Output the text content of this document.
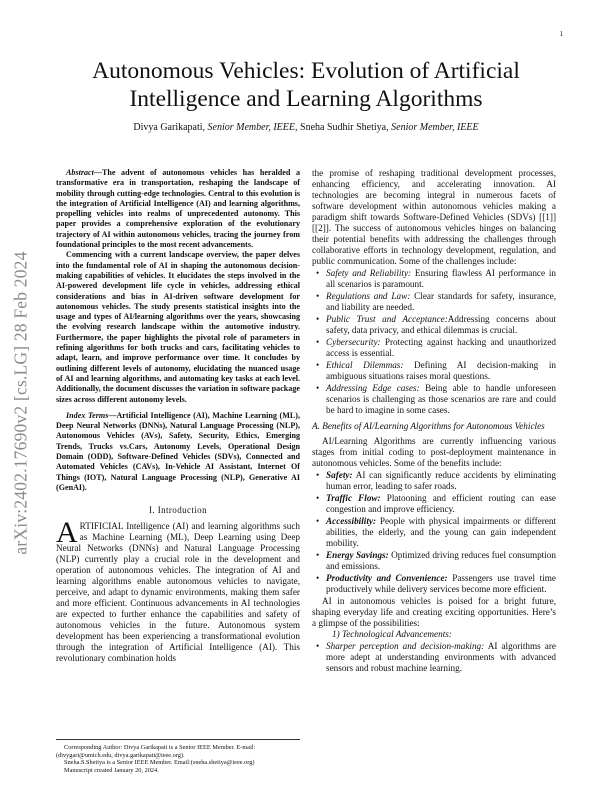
1
arXiv:2402.17690v2 [cs.LG] 28 Feb 2024
Autonomous Vehicles: Evolution of Artificial Intelligence and Learning Algorithms
Divya Garikapati, Senior Member, IEEE, Sneha Sudhir Shetiya, Senior Member, IEEE

Abstract—The advent of autonomous vehicles has heralded a transformative era in transportation, reshaping the landscape of mobility through cutting-edge technologies. Central to this evolution is the integration of Artificial Intelligence (AI) and learning algorithms, propelling vehicles into realms of unprecedented autonomy. This paper provides a comprehensive exploration of the evolutionary trajectory of AI within autonomous vehicles, tracing the journey from foundational principles to the most recent advancements.

Commencing with a current landscape overview, the paper delves into the fundamental role of AI in shaping the autonomous decision-making capabilities of vehicles. It elucidates the steps involved in the AI-powered development life cycle in vehicles, addressing ethical considerations and bias in AI-driven software development for autonomous vehicles. The study presents statistical insights into the usage and types of AI/learning algorithms over the years, showcasing the evolving research landscape within the automotive industry. Furthermore, the paper highlights the pivotal role of parameters in refining algorithms for both trucks and cars, facilitating vehicles to adapt, learn, and improve performance over time. It concludes by outlining different levels of autonomy, elucidating the nuanced usage of AI and learning algorithms, and automating key tasks at each level. Additionally, the document discusses the variation in software package sizes across different autonomy levels.

Index Terms—Artificial Intelligence (AI), Machine Learning (ML), Deep Neural Networks (DNNs), Natural Language Processing (NLP), Autonomous Vehicles (AVs), Safety, Security, Ethics, Emerging Trends, Trucks vs.Cars, Autonomy Levels, Operational Design Domain (ODD), Software-Defined Vehicles (SDVs), Connected and Automated Vehicles (CAVs), In-Vehicle AI Assistant, Internet Of Things (IOT), Natural Language Processing (NLP), Generative AI (GenAI).
I. Introduction

ARTIFICIAL Intelligence (AI) and learning algorithms such as Machine Learning (ML), Deep Learning using Deep Neural Networks (DNNs) and Natural Language Processing (NLP) currently play a crucial role in the development and operation of autonomous vehicles. The integration of AI and learning algorithms enable autonomous vehicles to navigate, perceive, and adapt to dynamic environments, making them safer and more efficient. Continuous advancements in AI technologies are expected to further enhance the capabilities and safety of autonomous vehicles in the future. Autonomous system development has been experiencing a transformational evolution through the integration of Artificial Intelligence (AI). This revolutionary combination holds

Corresponding Author: Divya Garikapati is a Senior IEEE Member. E-mail: (divygari@umich.edu, divya.garikapati@ieee.org).
Sneha.S.Shetiya is a Senior IEEE Member. Email:(sneha.shetiya@ieee.org)
Manuscript created January 20, 2024.

the promise of reshaping traditional development processes, enhancing efficiency, and accelerating innovation. AI technologies are becoming integral in numerous facets of software development within autonomous vehicles making a paradigm shift towards Software-Defined Vehicles (SDVs) [[1]][[2]]. The success of autonomous vehicles hinges on balancing their potential benefits with addressing the challenges through collaborative efforts in technology development, regulation, and public communication. Some of the challenges include:

• Safety and Reliability: Ensuring flawless AI performance in all scenarios is paramount.
• Regulations and Law: Clear standards for safety, insurance, and liability are needed.
• Public Trust and Acceptance:Addressing concerns about safety, data privacy, and ethical dilemmas is crucial.
• Cybersecurity: Protecting against hacking and unauthorized access is essential.
• Ethical Dilemmas: Defining AI decision-making in ambiguous situations raises moral questions.
• Addressing Edge cases: Being able to handle unforeseen scenarios is challenging as those scenarios are rare and could be hard to imagine in some cases.
A. Benefits of AI/Learning Algorithms for Autonomous Vehicles

AI/Learning Algorithms are currently influencing various stages from initial coding to post-deployment maintenance in autonomous vehicles. Some of the benefits include:

• Safety: AI can significantly reduce accidents by eliminating human error, leading to safer roads.
• Traffic Flow: Platooning and efficient routing can ease congestion and improve efficiency.
• Accessibility: People with physical impairments or different abilities, the elderly, and the young can gain independent mobility.
• Energy Savings: Optimized driving reduces fuel consumption and emissions.
• Productivity and Convenience: Passengers use travel time productively while delivery services become more efficient.

AI in autonomous vehicles is poised for a bright future, shaping everyday life and creating exciting opportunities. Here’s a glimpse of the possibilities:

1) Technological Advancements:

• Sharper perception and decision-making: AI algorithms are more adept at understanding environments with advanced sensors and robust machine learning.
